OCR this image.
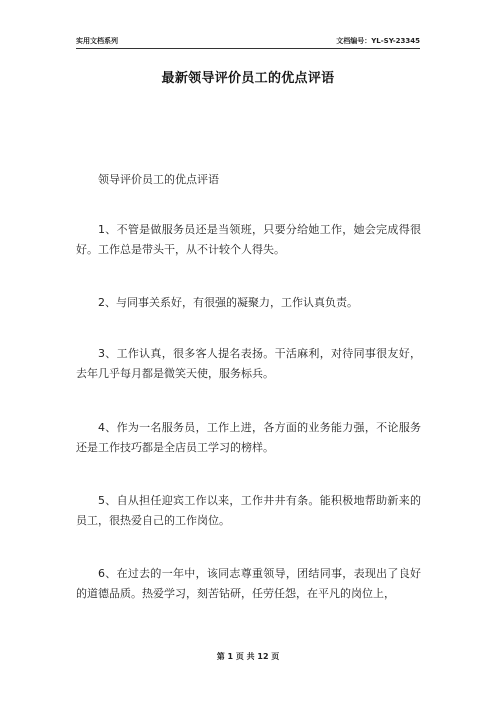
实用文档系列	文档编号：YL-SY-23345
最新领导评价员工的优点评语

领导评价员工的优点评语

1、不管是做服务员还是当领班，只要分给她工作，她会完成得很好。工作总是带头干，从不计较个人得失。

2、与同事关系好，有很强的凝聚力，工作认真负责。

3、工作认真，很多客人提名表扬。干活麻利，对待同事很友好，去年几乎每月都是微笑天使，服务标兵。

4、作为一名服务员，工作上进，各方面的业务能力强，不论服务还是工作技巧都是全店员工学习的榜样。

5、自从担任迎宾工作以来，工作井井有条。能积极地帮助新来的员工，很热爱自己的工作岗位。

6、在过去的一年中，该同志尊重领导，团结同事，表现出了良好的道德品质。热爱学习，刻苦钻研，任劳任怨，在平凡的岗位上，

第 1 页 共 12 页
